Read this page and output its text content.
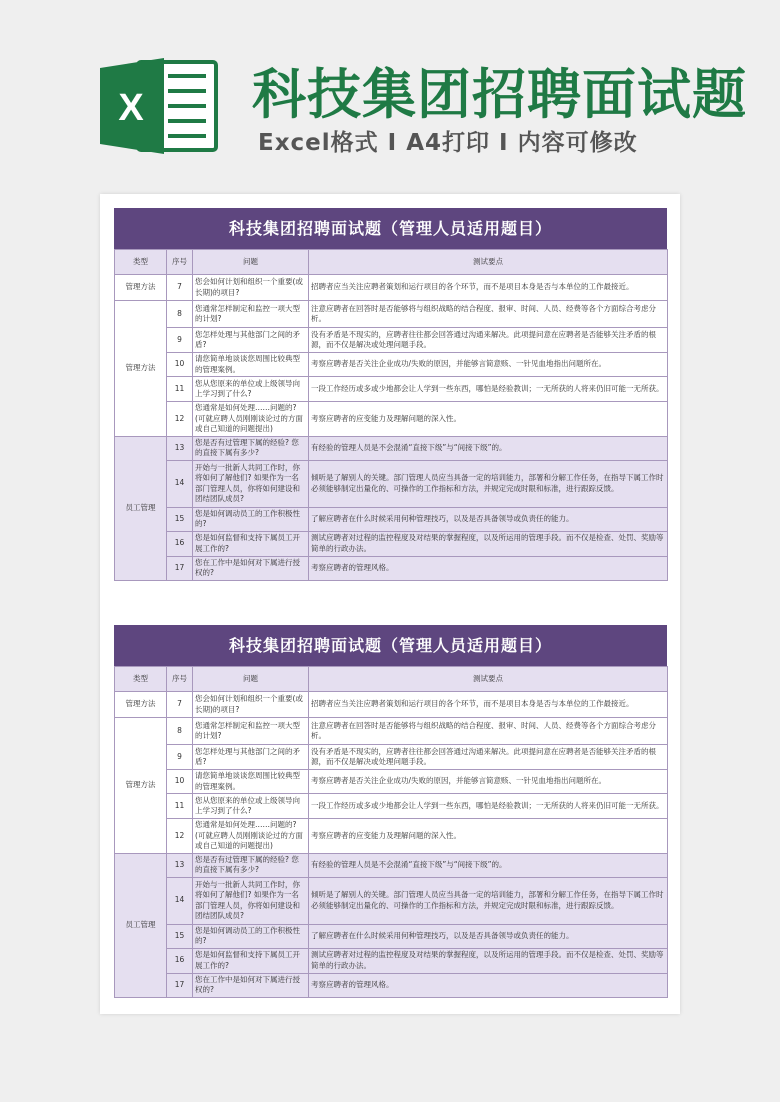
X 科技集团招聘面试题
Excel格式 I A4打印 I 内容可修改
科技集团招聘面试题（管理人员适用题目）
类型	序号	问题	测试要点
管理方法	7	您会如何计划和组织一个重要(或长期)的项目?	招聘者应当关注应聘者策划和运行项目的各个环节，而不是项目本身是否与本单位的工作最接近。
管理方法	8	您通常怎样制定和监控一项大型的计划?	注意应聘者在回答时是否能够将与组织战略的结合程度、报审、时间、人员、经费等各个方面综合考虑分析。
	9	您怎样处理与其他部门之间的矛盾?	没有矛盾是不现实的，应聘者往往都会回答通过沟通来解决。此项提问意在应聘者是否能够关注矛盾的根源，而不仅是解决或处理问题手段。
	10	请您简单地谈谈您周围比较典型的管理案例。	考察应聘者是否关注企业成功/失败的原因，并能够言简意赅、一针见血地指出问题所在。
	11	您从您原来的单位或上级领导向上学习到了什么?	一段工作经历或多或少地都会让人学到一些东西，哪怕是经验教训；一无所获的人将来仍旧可能一无所获。
	12	您通常是如何处理……问题的?(可就应聘人员刚刚谈论过的方面或自己知道的问题提出)	考察应聘者的应变能力及理解问题的深入性。
员工管理	13	您是否有过管理下属的经验? 您的直接下属有多少?	有经验的管理人员是不会混淆“直接下级”与“间接下级”的。
	14	开始与一批新人共同工作时，你将如何了解他们? 如果作为一名部门管理人员，你将如何建设和团结团队成员?	倾听是了解别人的关键。部门管理人员应当具备一定的培训能力，部署和分解工作任务，在指导下属工作时必须能够制定出量化的、可操作的工作指标和方法，并规定完成时限和标准，进行跟踪反馈。
	15	您是如何调动员工的工作积极性的?	了解应聘者在什么时候采用何种管理技巧，以及是否具备领导或负责任的能力。
	16	您是如何监督和支持下属员工开展工作的?	测试应聘者对过程的监控程度及对结果的掌握程度，以及所运用的管理手段。而不仅是检查、处罚、奖励等简单的行政办法。
	17	您在工作中是如何对下属进行授权的?	考察应聘者的管理风格。
科技集团招聘面试题（管理人员适用题目）
类型	序号	问题	测试要点
管理方法	7	您会如何计划和组织一个重要(或长期)的项目?	招聘者应当关注应聘者策划和运行项目的各个环节，而不是项目本身是否与本单位的工作最接近。
管理方法	8	您通常怎样制定和监控一项大型的计划?	注意应聘者在回答时是否能够将与组织战略的结合程度、报审、时间、人员、经费等各个方面综合考虑分析。
	9	您怎样处理与其他部门之间的矛盾?	没有矛盾是不现实的，应聘者往往都会回答通过沟通来解决。此项提问意在应聘者是否能够关注矛盾的根源，而不仅是解决或处理问题手段。
	10	请您简单地谈谈您周围比较典型的管理案例。	考察应聘者是否关注企业成功/失败的原因，并能够言简意赅、一针见血地指出问题所在。
	11	您从您原来的单位或上级领导向上学习到了什么?	一段工作经历或多或少地都会让人学到一些东西，哪怕是经验教训；一无所获的人将来仍旧可能一无所获。
	12	您通常是如何处理……问题的?(可就应聘人员刚刚谈论过的方面或自己知道的问题提出)	考察应聘者的应变能力及理解问题的深入性。
员工管理	13	您是否有过管理下属的经验? 您的直接下属有多少?	有经验的管理人员是不会混淆“直接下级”与“间接下级”的。
	14	开始与一批新人共同工作时，你将如何了解他们? 如果作为一名部门管理人员，你将如何建设和团结团队成员?	倾听是了解别人的关键。部门管理人员应当具备一定的培训能力，部署和分解工作任务，在指导下属工作时必须能够制定出量化的、可操作的工作指标和方法，并规定完成时限和标准，进行跟踪反馈。
	15	您是如何调动员工的工作积极性的?	了解应聘者在什么时候采用何种管理技巧，以及是否具备领导或负责任的能力。
	16	您是如何监督和支持下属员工开展工作的?	测试应聘者对过程的监控程度及对结果的掌握程度，以及所运用的管理手段。而不仅是检查、处罚、奖励等简单的行政办法。
	17	您在工作中是如何对下属进行授权的?	考察应聘者的管理风格。
